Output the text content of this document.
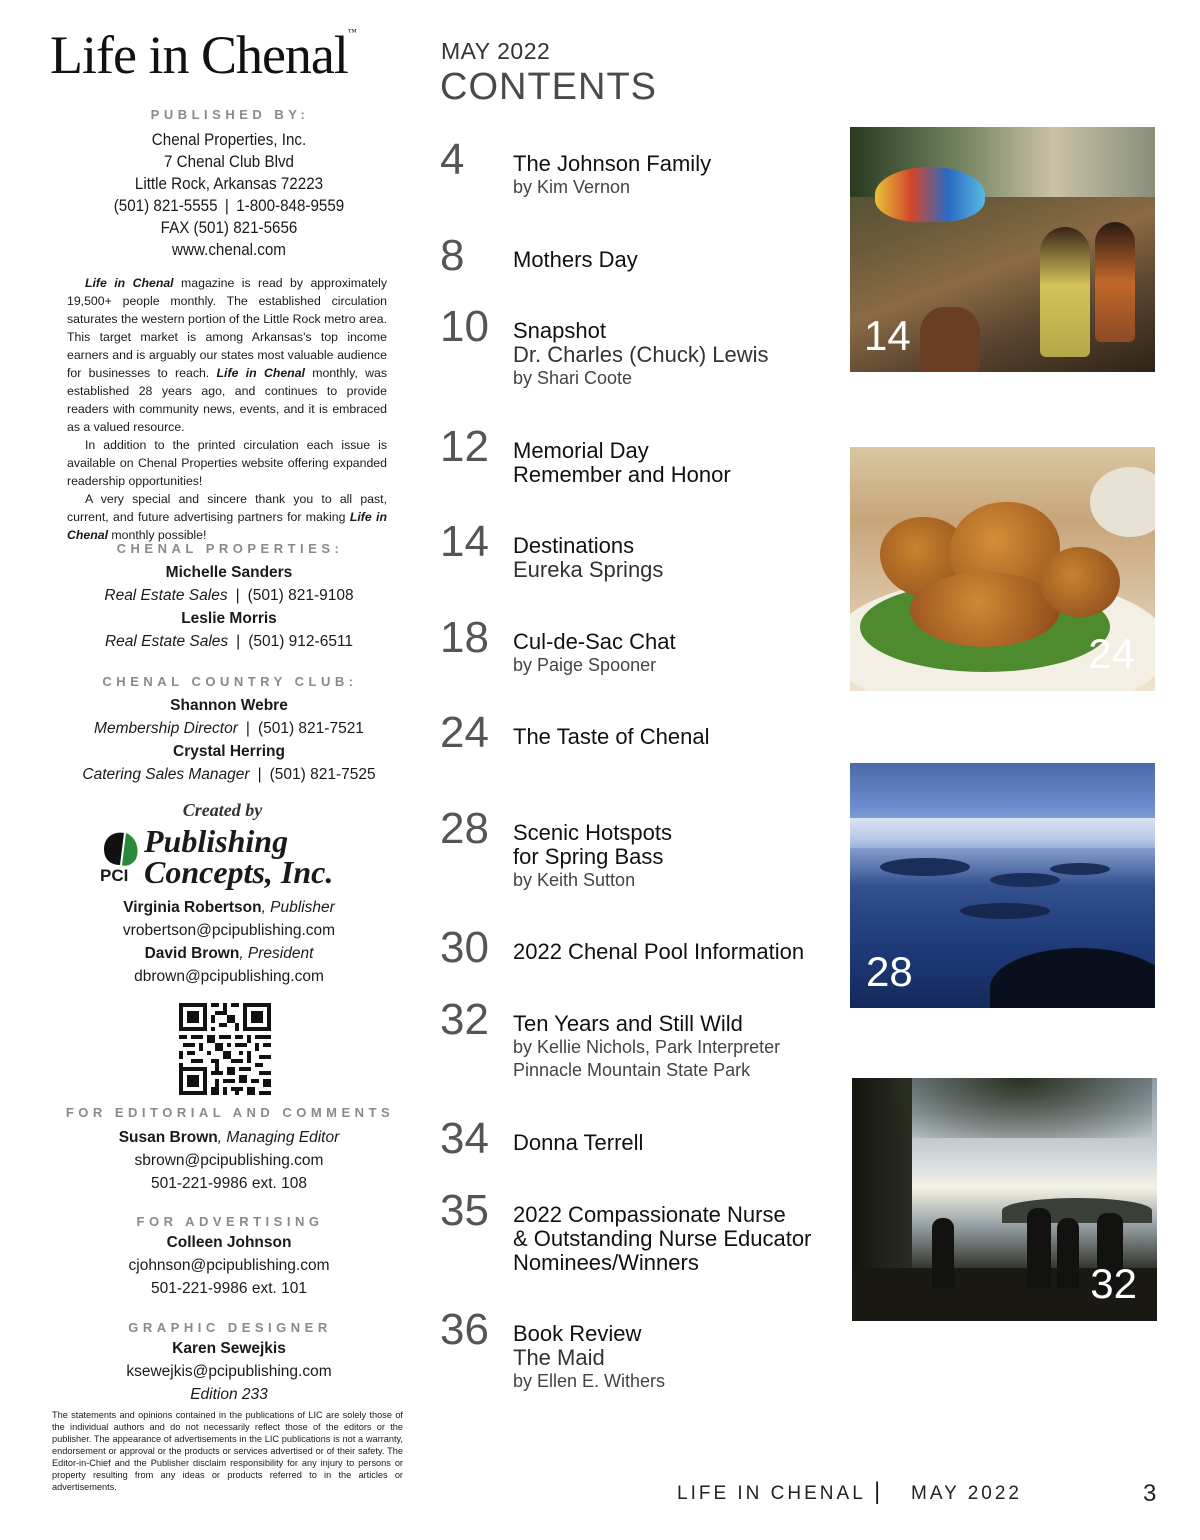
Life in Chenal™
PUBLISHED BY:
Chenal Properties, Inc.
7 Chenal Club Blvd
Little Rock, Arkansas 72223
(501) 821-5555 | 1-800-848-9559
FAX (501) 821-5656
www.chenal.com

Life in Chenal magazine is read by approximately 19,500+ people monthly. The established circulation saturates the western portion of the Little Rock metro area. This target market is among Arkansas's top income earners and is arguably our states most valuable audience for businesses to reach. Life in Chenal monthly, was established 28 years ago, and continues to provide readers with community news, events, and it is embraced as a valued resource.

In addition to the printed circulation each issue is available on Chenal Properties website offering expanded readership opportunities!

A very special and sincere thank you to all past, current, and future advertising partners for making Life in Chenal monthly possible!

CHENAL PROPERTIES:
Michelle Sanders
Real Estate Sales | (501) 821-9108
Leslie Morris
Real Estate Sales | (501) 912-6511
CHENAL COUNTRY CLUB:
Shannon Webre
Membership Director | (501) 821-7521
Crystal Herring
Catering Sales Manager | (501) 821-7525
Created by
PCI
Publishing
Concepts, Inc.
Virginia Robertson, Publisher
vrobertson@pcipublishing.com
David Brown, President
dbrown@pcipublishing.com
FOR EDITORIAL AND COMMENTS
Susan Brown, Managing Editor
sbrown@pcipublishing.com
501-221-9986 ext. 108
FOR ADVERTISING
Colleen Johnson
cjohnson@pcipublishing.com
501-221-9986 ext. 101
GRAPHIC DESIGNER
Karen Sewejkis
ksewejkis@pcipublishing.com
Edition 233
The statements and opinions contained in the publications of LIC are solely those of the individual authors and do not necessarily reflect those of the editors or the publisher. The appearance of advertisements in the LIC publications is not a warranty, endorsement or approval or the products or services advertised or of their safety. The Editor-in-Chief and the Publisher disclaim responsibility for any injury to persons or property resulting from any ideas or products referred to in the articles or advertisements.
MAY 2022
CONTENTS
4 The Johnson Family
by Kim Vernon
8 Mothers Day
10 Snapshot
Dr. Charles (Chuck) Lewis
by Shari Coote
12 Memorial Day
Remember and Honor
14 Destinations
Eureka Springs
18 Cul-de-Sac Chat
by Paige Spooner
24 The Taste of Chenal
28 Scenic Hotspots
for Spring Bass
by Keith Sutton
30 2022 Chenal Pool Information
32 Ten Years and Still Wild
by Kellie Nichols, Park Interpreter
Pinnacle Mountain State Park
34 Donna Terrell
35 2022 Compassionate Nurse
& Outstanding Nurse Educator
Nominees/Winners
36 Book Review
The Maid
by Ellen E. Withers
14
24
28
32
LIFE IN CHENAL | MAY 2022	3
